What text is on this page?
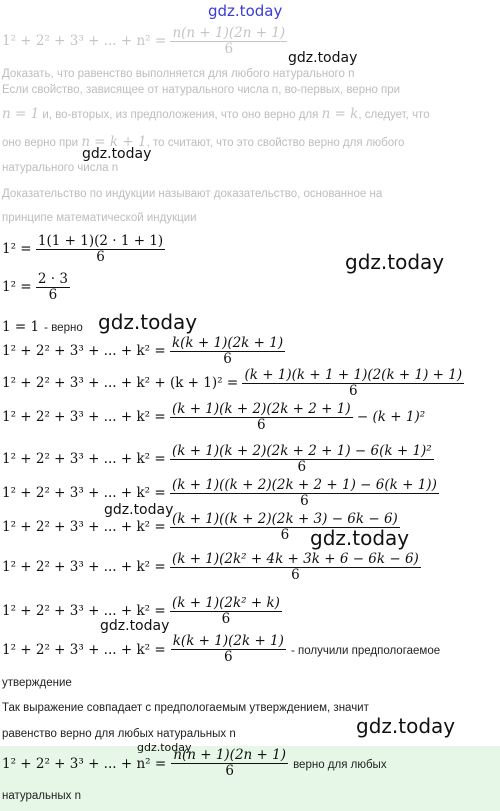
gdz.today
1² + 2² + 3³ + ... + $n^2 = \frac{n(n + 1)(2n + 1)}{6}$
gdz.today
Доказать, что равенство выполняется для любого натурального n
Если свойство, зависящее от натурального числа n, во-первых, верно при
n = 1 и, во-вторых, из предположения, что оно верно для n = k, следует, что
оно верно при n = k + 1, то считают, что это свойство верно для любого
gdz.today
натурального числа n
Доказательство по индукции называют доказательство, основанное на
принципе математической индукции
$1^2 = \frac{1(1 + 1)(2 \cdot 1 + 1)}{6}$	gdz.today
$1^2 = \frac{2 \cdot 3}{6}$
1 = 1 - верно gdz.today
1² + 2² + 3³ + ... + $k^2 = \frac{k(k + 1)(2k + 1)}{6}$
1² + 2² + 3³ + ... + $k^2 + (k + 1)^2 = \frac{(k + 1)(k + 1 + 1)(2(k + 1) + 1)}{6}$
1² + 2² + 3³ + ... + $k^2 = \frac{(k + 1)(k + 2)(2k + 2 + 1)}{6} - (k + 1)^2$
1² + 2² + 3³ + ... + $k^2 = \frac{\text{(k + 1)(k + 2)(2k + 2 + 1) − 6(k + 1)²}}{6}$
1² + 2² + 3³ + ... + $k^2 = \frac{(k + 1)((k + 2)(2k + 2 + 1) - 6(k + 1))}{6}$
gdz.today
1² + 2² + 3³ + ... + $k^2 = \frac{(k + 1)((k + 2)(2k + 3) - 6k - 6)}{6}$
gdz.today
1² + 2² + 3³ + ... + $k^2 = \frac{\text{(k + 1)(2k² + 4k + 3k + 6 − 6k − 6)}}{6}$
1² + 2² + 3³ + ... + $k^2 = \frac{\text{(k + 1)(2k² + k)}}{6}$
gdz.today
1² + 2² + 3³ + ... + $k^2 = \frac{k(k + 1)(2k + 1)}{6}$ - получили предпологаемое
утверждение
Так выражение совпадает с предпологаемым утверждением, значит
gdz.today
равенство верно для любых натуральных n
gdz.today
1² + 2² + 3³ + ... + $n^2 = \frac{n(n + 1)(2n + 1)}{6}$ верно для любых
натуральных n
